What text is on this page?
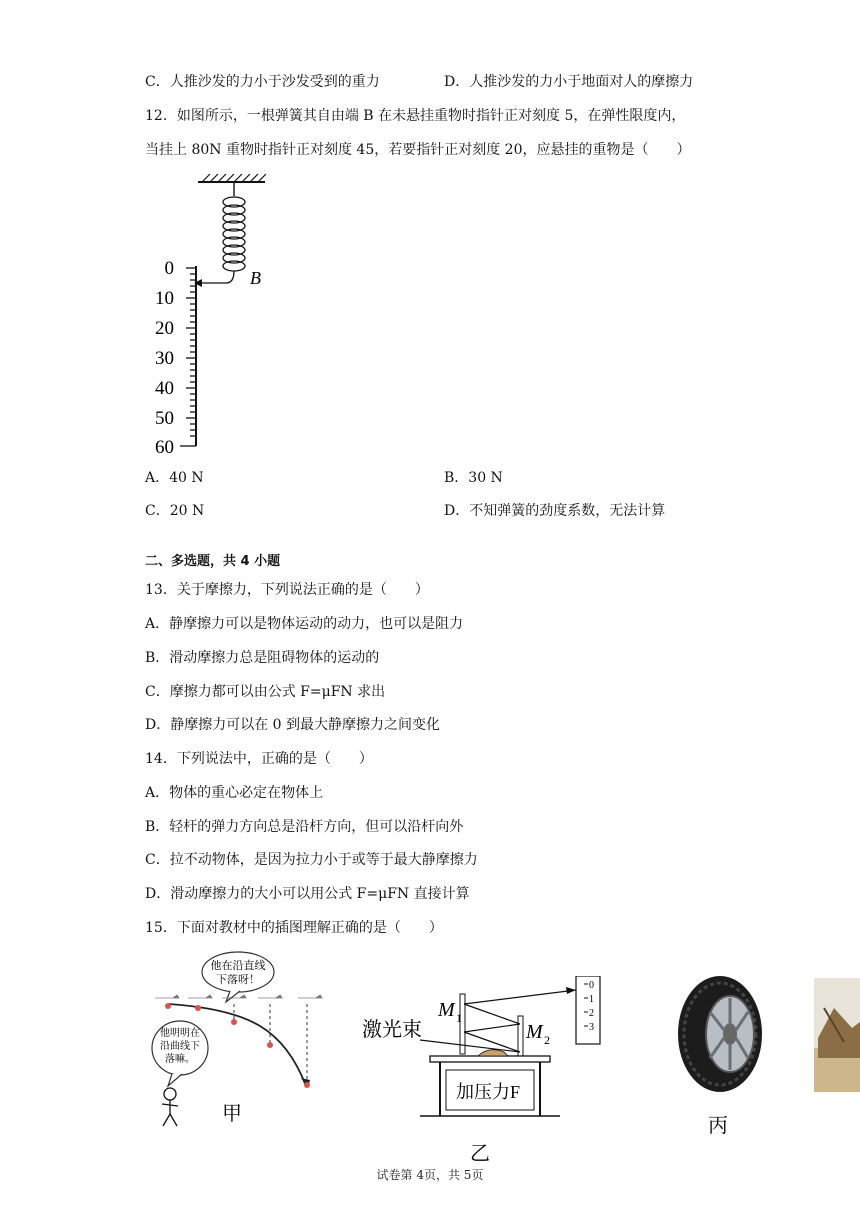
C．人推沙发的力小于沙发受到的重力	D．人推沙发的力小于地面对人的摩擦力
12．如图所示，一根弹簧其自由端 B 在未悬挂重物时指针正对刻度 5，在弹性限度内，
当挂上 80N 重物时指针正对刻度 45，若要指针正对刻度 20，应悬挂的重物是（　　）
B
0
10
20
30
40
50
60
A．40 N	B．30 N
C．20 N	D．不知弹簧的劲度系数，无法计算
二、多选题，共 4 小题
13．关于摩擦力，下列说法正确的是（　　）
A．静摩擦力可以是物体运动的动力，也可以是阻力
B．滑动摩擦力总是阻碍物体的运动的
C．摩擦力都可以由公式 F=μFN 求出
D．静摩擦力可以在 0 到最大静摩擦力之间变化
14．下列说法中，正确的是（　　）
A．物体的重心必定在物体上
B．轻杆的弹力方向总是沿杆方向，但可以沿杆向外
C．拉不动物体，是因为拉力小于或等于最大静摩擦力
D．滑动摩擦力的大小可以用公式 F=μFN 直接计算
15．下面对教材中的插图理解正确的是（　　）
他在沿直线
下落呀！
他明明在
沿曲线下
落嘛。
甲
0
1
2
3
M 1
M 2
激光束
加压力F
乙
丙
试卷第 4页，共 5页
